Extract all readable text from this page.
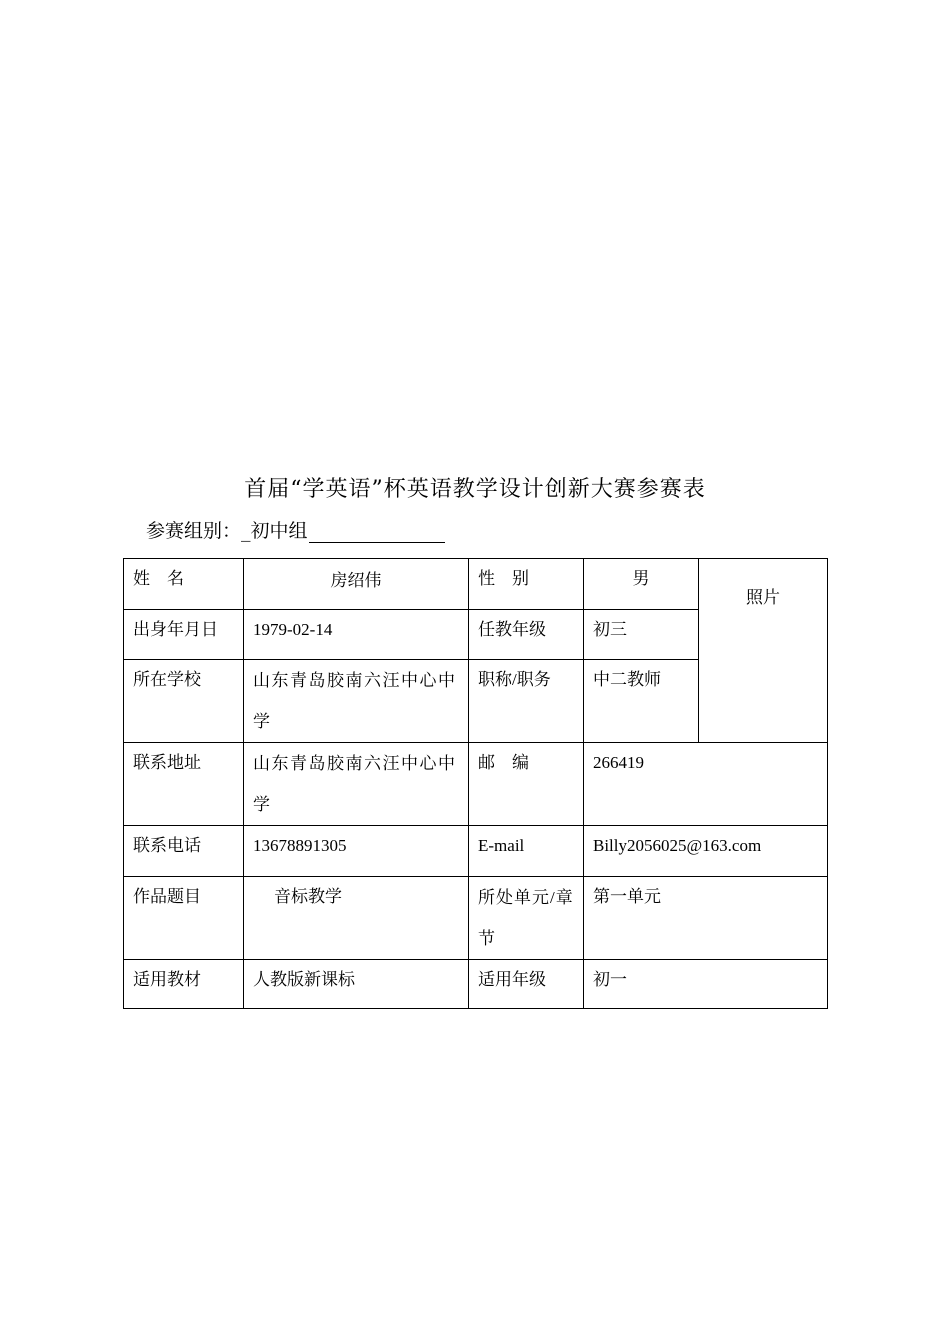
首届“学英语”杯英语教学设计创新大赛参赛表
参赛组别：_初中组
姓　名	房绍伟	性　别	男	照片

出身年月日	1979-02-14	任教年级	初三	
所在学校	山东青岛胶南六汪中心中学	职称/职务	中二教师	
联系地址	山东青岛胶南六汪中心中学	邮　编	266419	
联系电话	13678891305	E-mail	Billy2056025@163.com	
作品题目	音标教学	所处单元/章节	第一单元	
适用教材	人教版新课标	适用年级	初一	
